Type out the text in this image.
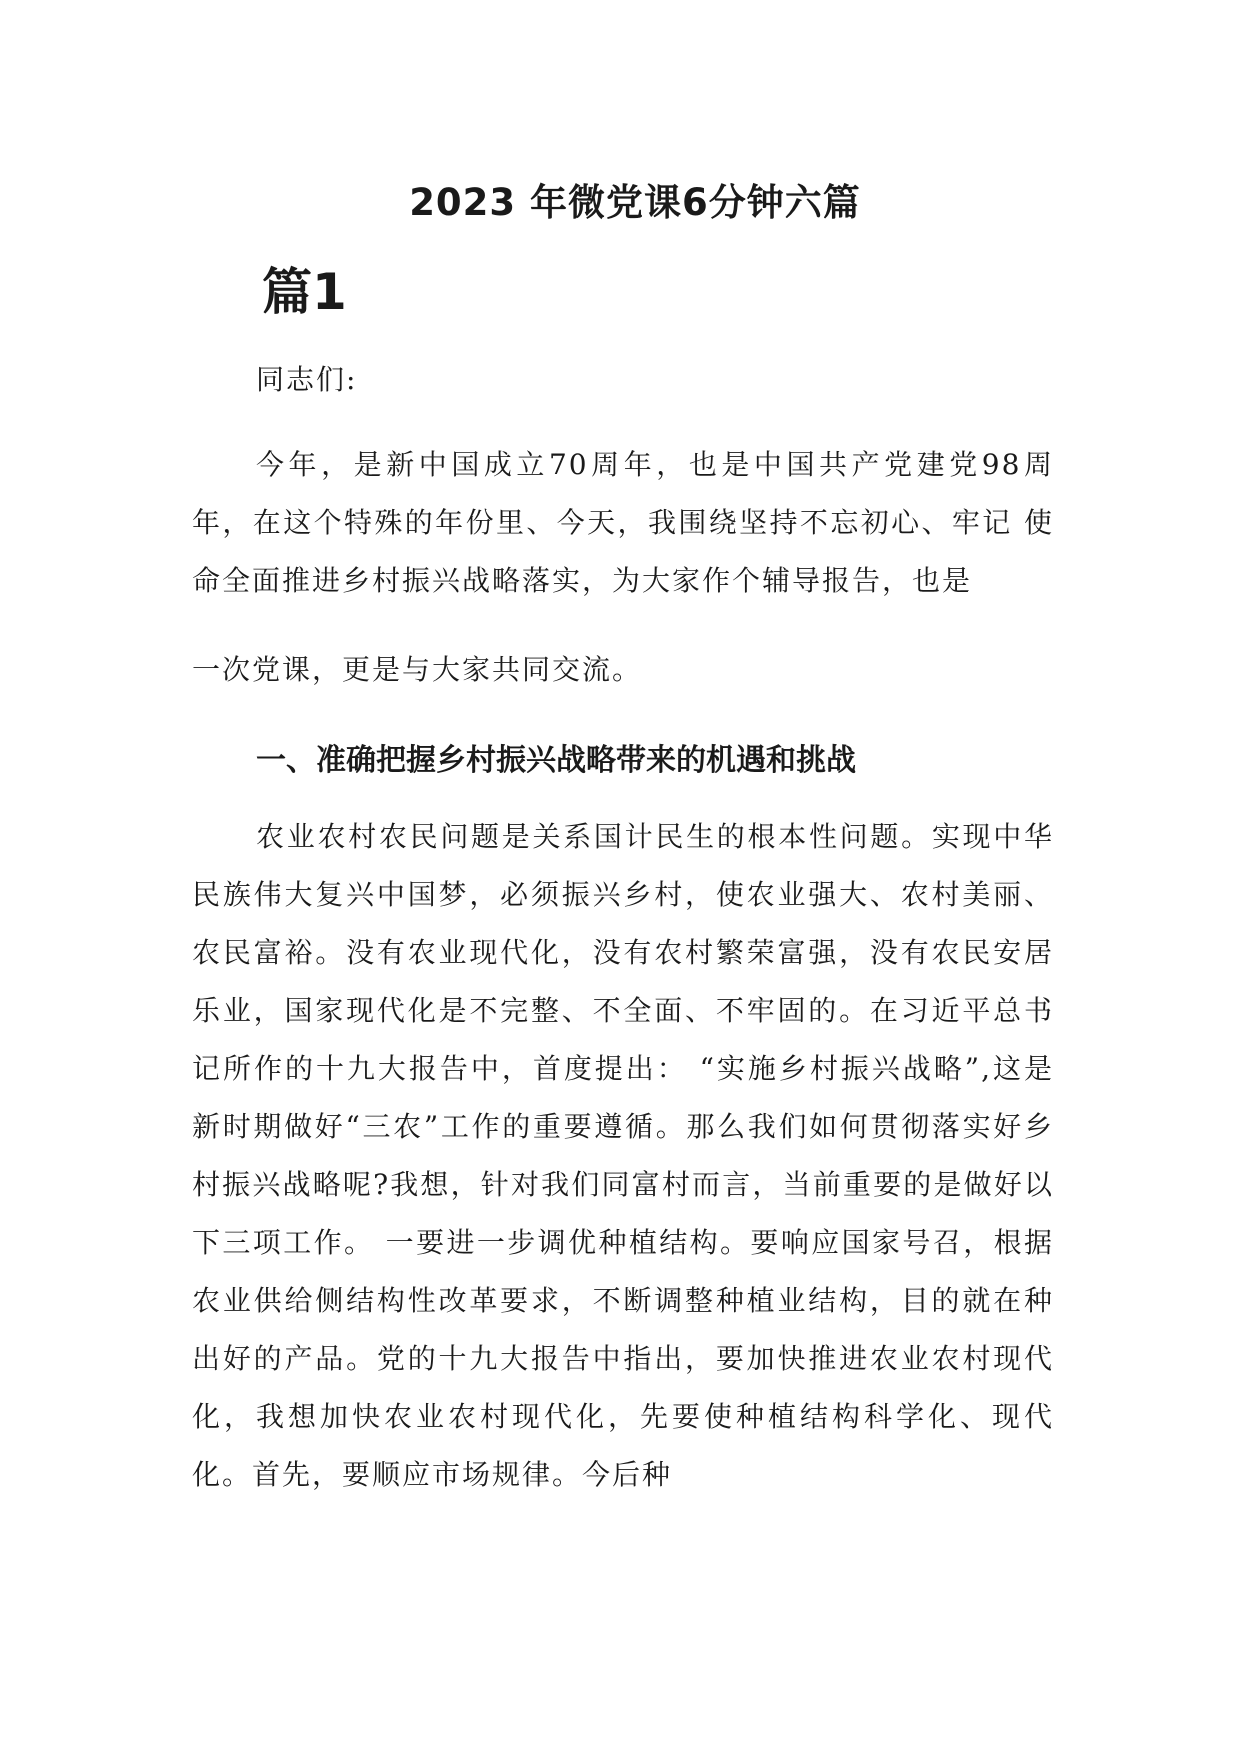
2023 年微党课6分钟六篇
篇1

同志们:

今年，是新中国成立70周年，也是中国共产党建党98周 年，在这个特殊的年份里、今天，我围绕坚持不忘初心、牢记 使命全面推进乡村振兴战略落实，为大家作个辅导报告，也是

一次党课，更是与大家共同交流。

一、准确把握乡村振兴战略带来的机遇和挑战

农业农村农民问题是关系国计民生的根本性问题。实现中华民族伟大复兴中国梦，必须振兴乡村，使农业强大、农村美丽、农民富裕。没有农业现代化，没有农村繁荣富强，没有农民安居乐业，国家现代化是不完整、不全面、不牢固的。在习近平总书记所作的十九大报告中，首度提出： “实施乡村振兴战略”,这是新时期做好“三农”工作的重要遵循。那么我们如何贯彻落实好乡村振兴战略呢?我想，针对我们同富村而言，当前重要的是做好以下三项工作。 一要进一步调优种植结构。要响应国家号召，根据农业供给侧结构性改革要求，不断调整种植业结构，目的就在种出好的产品。党的十九大报告中指出，要加快推进农业农村现代化，我想加快农业农村现代化，先要使种植结构科学化、现代化。首先，要顺应市场规律。今后种
